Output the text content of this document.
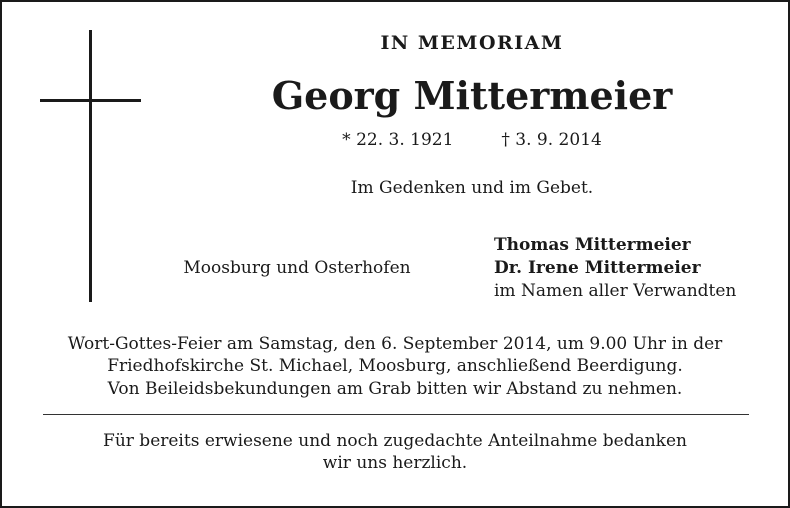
IN MEMORIAM
Georg Mittermeier
* 22. 3. 1921	† 3. 9. 2014
Im Gedenken und im Gebet.
Moosburg und Osterhofen
Thomas Mittermeier
Dr. Irene Mittermeier
im Namen aller Verwandten
Wort-Gottes-Feier am Samstag, den 6. September 2014, um 9.00 Uhr in der
Friedhofskirche St. Michael, Moosburg, anschließend Beerdigung.
Von Beileidsbekundungen am Grab bitten wir Abstand zu nehmen.
Für bereits erwiesene und noch zugedachte Anteilnahme bedanken
wir uns herzlich.
